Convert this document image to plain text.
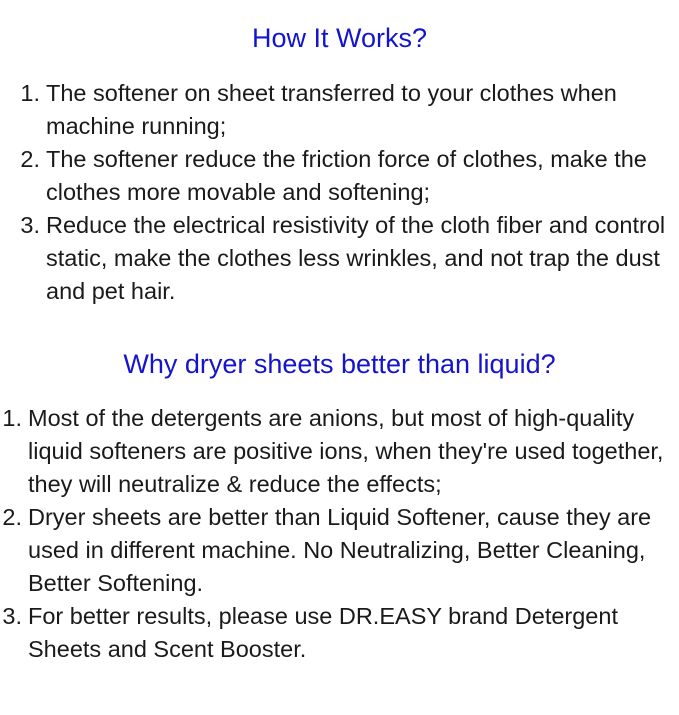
How It Works?
1. The softener on sheet transferred to your clothes when machine running;
2. The softener reduce the friction force of clothes, make the clothes more movable and softening;
3. Reduce the electrical resistivity of the cloth fiber and control static, make the clothes less wrinkles, and not trap the dust and pet hair.
Why dryer sheets better than liquid?
1. Most of the detergents are anions, but most of high-quality liquid softeners are positive ions, when they're used together, they will neutralize & reduce the effects;
2. Dryer sheets are better than Liquid Softener, cause they are used in different machine. No Neutralizing, Better Cleaning, Better Softening.
3. For better results, please use DR.EASY brand Detergent Sheets and Scent Booster.
